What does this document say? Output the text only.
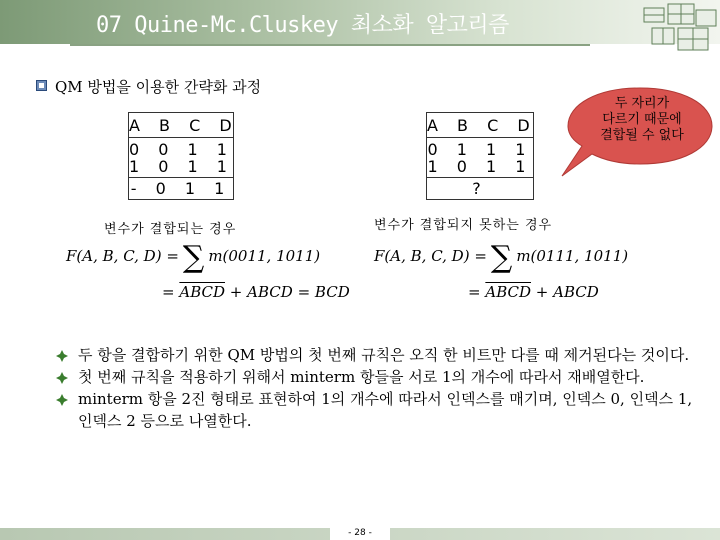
07 Quine-Mc.Cluskey 최소화 알고리즘
QM 방법을 이용한 간략화 과정
A B C D
0 0 1 1
1 0 1 1
- 0 1 1
변수가 결합되는 경우
A B C D
0 1 1 1
1 0 1 1
?
변수가 결합되지 못하는 경우
두 자리가
다르기 때문에
결합될 수 없다
F(A, B, C, D) = ∑ m(0011, 1011)
= ABCD + ABCD = BCD
F(A, B, C, D) = ∑ m(0111, 1011)
= ABCD + ABCD

두 항을 결합하기 위한 QM 방법의 첫 번째 규칙은 오직 한 비트만 다를 때 제거된다는 것이다.

첫 번째 규칙을 적용하기 위해서 minterm 항들을 서로 1의 개수에 따라서 재배열한다.

minterm 항을 2진 형태로 표현하여 1의 개수에 따라서 인덱스를 매기며, 인덱스 0, 인덱스 1, 인덱스 2 등으로 나열한다.

- 28 -
